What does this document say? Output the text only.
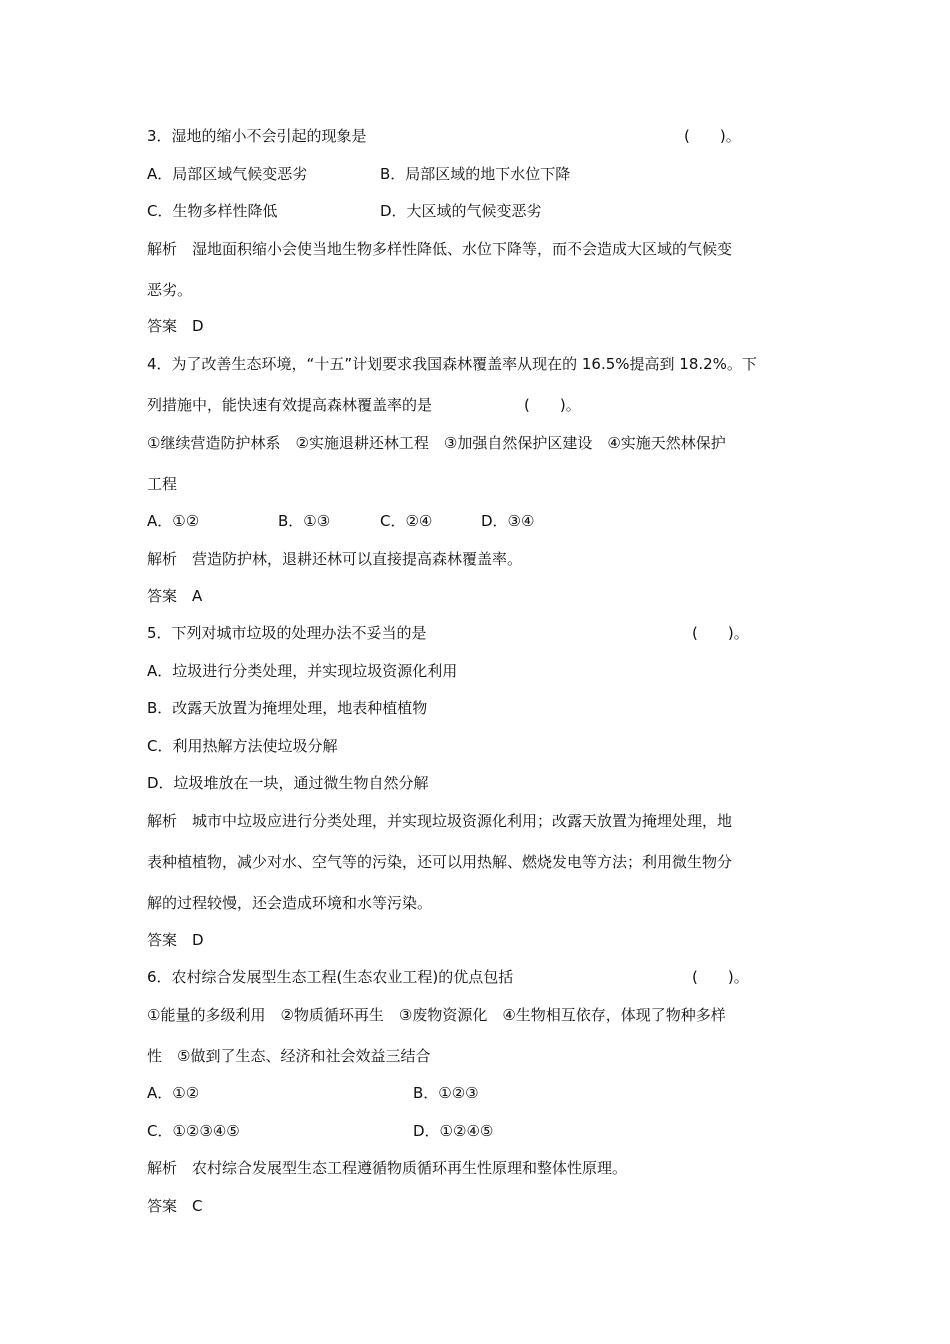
3．湿地的缩小不会引起的现象是	(　　)。
A．局部区域气候变恶劣	B．局部区域的地下水位下降
C．生物多样性降低	D．大区域的气候变恶劣
解析　湿地面积缩小会使当地生物多样性降低、水位下降等，而不会造成大区域的气候变
恶劣。
答案　D
4．为了改善生态环境，“十五”计划要求我国森林覆盖率从现在的 16.5%提高到 18.2%。下
列措施中，能快速有效提高森林覆盖率的是	(　　)。
①继续营造防护林系　②实施退耕还林工程　③加强自然保护区建设　④实施天然林保护
工程
A．①②	B．①③	C．②④	D．③④
解析　营造防护林，退耕还林可以直接提高森林覆盖率。
答案　A
5．下列对城市垃圾的处理办法不妥当的是	(　　)。
A．垃圾进行分类处理，并实现垃圾资源化利用
B．改露天放置为掩埋处理，地表种植植物
C．利用热解方法使垃圾分解
D．垃圾堆放在一块，通过微生物自然分解
解析　城市中垃圾应进行分类处理，并实现垃圾资源化利用；改露天放置为掩埋处理，地
表种植植物，减少对水、空气等的污染，还可以用热解、燃烧发电等方法；利用微生物分
解的过程较慢，还会造成环境和水等污染。
答案　D
6．农村综合发展型生态工程(生态农业工程)的优点包括	(　　)。
①能量的多级利用　②物质循环再生　③废物资源化　④生物相互依存，体现了物种多样
性　⑤做到了生态、经济和社会效益三结合
A．①②	B．①②③
C．①②③④⑤	D．①②④⑤
解析　农村综合发展型生态工程遵循物质循环再生性原理和整体性原理。
答案　C
